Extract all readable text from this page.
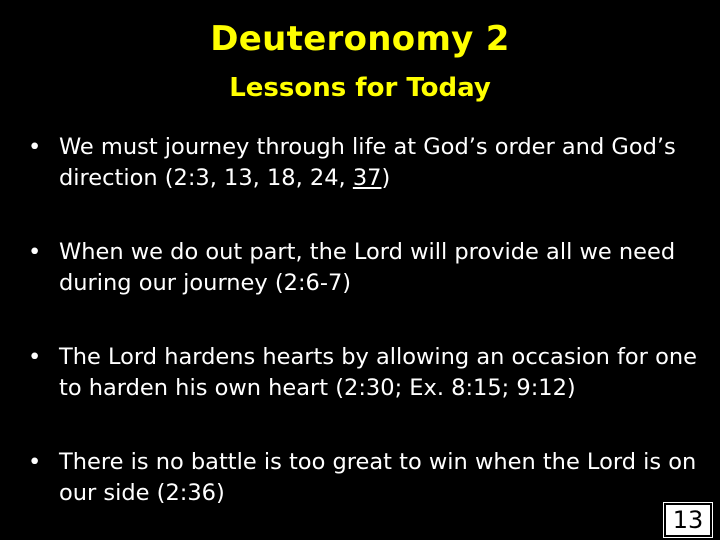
Deuteronomy 2
Lessons for Today
• We must journey through life at God’s order and God’s direction (2:3, 13, 18, 24, 37)
• When we do out part, the Lord will provide all we need during our journey (2:6-7)
• The Lord hardens hearts by allowing an occasion for one to harden his own heart (2:30; Ex. 8:15; 9:12)
• There is no battle is too great to win when the Lord is on our side (2:36)
13
